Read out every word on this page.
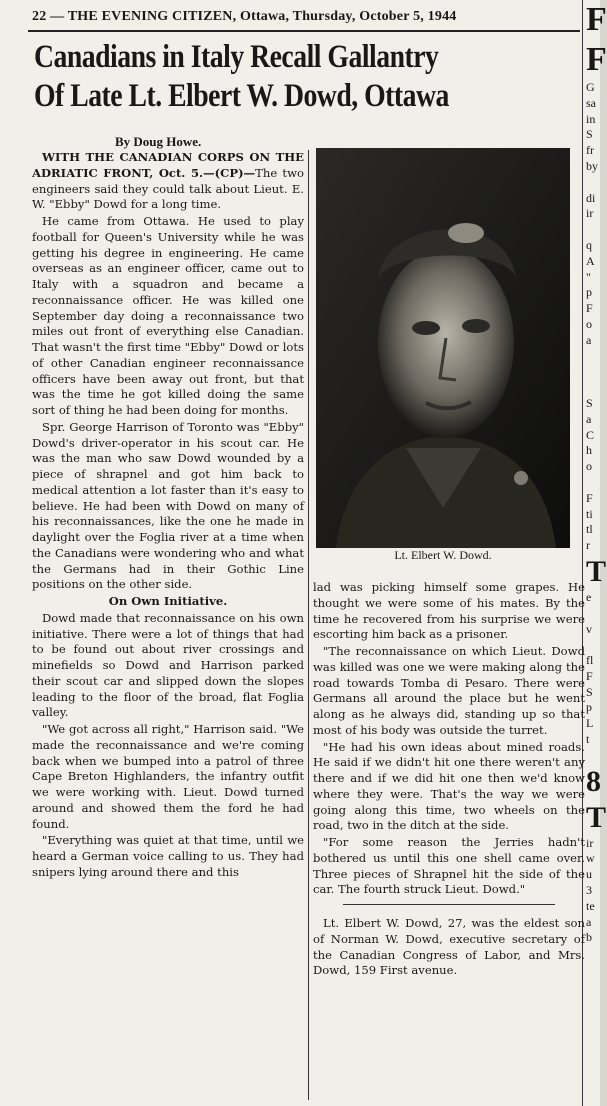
22 — THE EVENING CITIZEN, Ottawa, Thursday, October 5, 1944
Canadians in Italy Recall Gallantry
Of Late Lt. Elbert W. Dowd, Ottawa
By Doug Howe.

WITH THE CANADIAN CORPS ON THE ADRIATIC FRONT, Oct. 5.—(CP)—The two engineers said they could talk about Lieut. E. W. "Ebby" Dowd for a long time.

He came from Ottawa. He used to play football for Queen's University while he was getting his degree in engineering. He came overseas as an engineer officer, came out to Italy with a squadron and became a reconnaissance officer. He was killed one September day doing a reconnaissance two miles out front of everything else Canadian. That wasn't the first time "Ebby" Dowd or lots of other Canadian engineer reconnaissance officers have been away out front, but that was the time he got killed doing the same sort of thing he had been doing for months.

Spr. George Harrison of Toronto was "Ebby" Dowd's driver-operator in his scout car. He was the man who saw Dowd wounded by a piece of shrapnel and got him back to medical attention a lot faster than it's easy to believe. He had been with Dowd on many of his reconnaissances, like the one he made in daylight over the Foglia river at a time when the Canadians were wondering who and what the Germans had in their Gothic Line positions on the other side.

On Own Initiative.

Dowd made that reconnaissance on his own initiative. There were a lot of things that had to be found out about river crossings and minefields so Dowd and Harrison parked their scout car and slipped down the slopes leading to the floor of the broad, flat Foglia valley.

"We got across all right," Harrison said. "We made the reconnaissance and we're coming back when we bumped into a patrol of three Cape Breton Highlanders, the infantry outfit we were working with. Lieut. Dowd turned around and showed them the ford he had found.

"Everything was quiet at that time, until we heard a German voice calling to us. They had snipers lying around there and this

Lt. Elbert W. Dowd.

lad was picking himself some grapes. He thought we were some of his mates. By the time he recovered from his surprise we were escorting him back as a prisoner.

"The reconnaissance on which Lieut. Dowd was killed was one we were making along the road towards Tomba di Pesaro. There were Germans all around the place but he went along as he always did, standing up so that most of his body was outside the turret.

"He had his own ideas about mined roads. He said if we didn't hit one there weren't any there and if we did hit one then we'd know where they were. That's the way we were going along this time, two wheels on the road, two in the ditch at the side.

"For some reason the Jerries hadn't bothered us until this one shell came over. Three pieces of Shrapnel hit the side of the car. The fourth struck Lieut. Dowd."

Lt. Elbert W. Dowd, 27, was the eldest son of Norman W. Dowd, executive secretary of the Canadian Congress of Labor, and Mrs. Dowd, 159 First avenue.

F
F
G
sa
in
S
fr
by

di
ir

q
A
"
p
F
o
a

S
a
C
h
o

F
ti
tl
r
T
e

v

fl
F
S
p
L
t

8
T
ir
w
u
3
te
a
b
